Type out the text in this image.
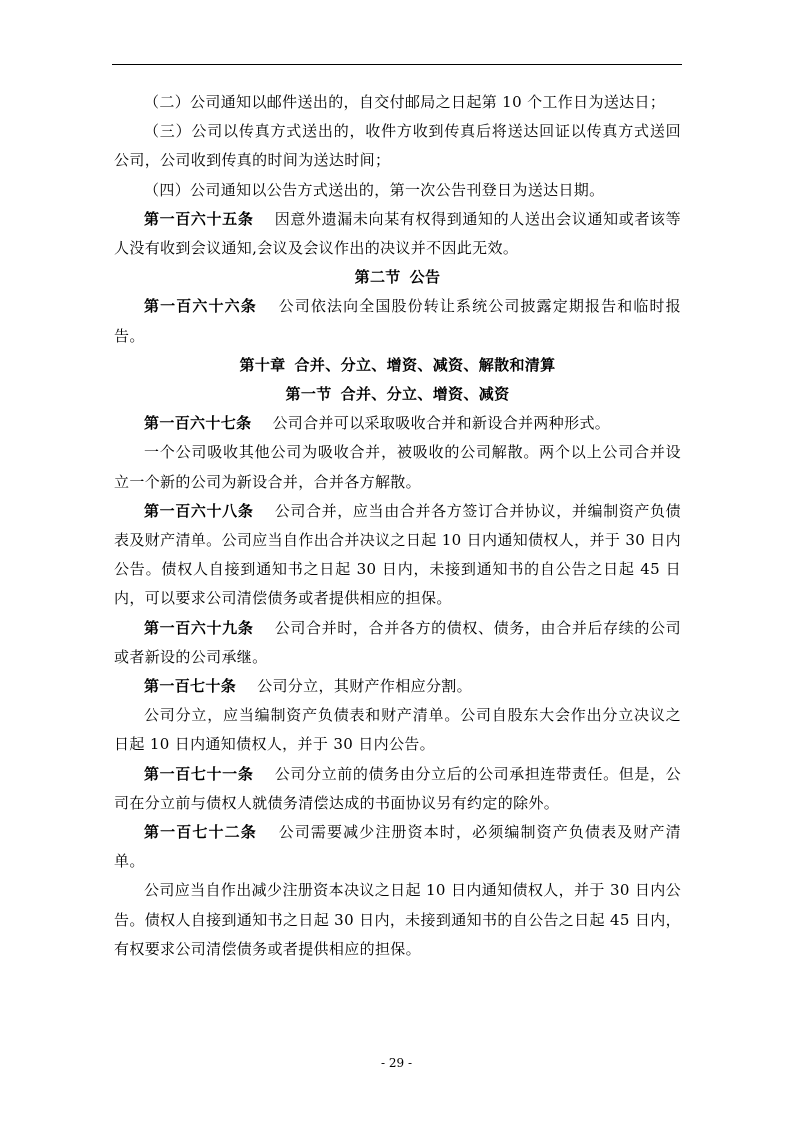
（二）公司通知以邮件送出的，自交付邮局之日起第 10 个工作日为送达日；

（三）公司以传真方式送出的，收件方收到传真后将送达回证以传真方式送回公司，公司收到传真的时间为送达时间；

（四）公司通知以公告方式送出的，第一次公告刊登日为送达日期。

第一百六十五条 因意外遗漏未向某有权得到通知的人送出会议通知或者该等人没有收到会议通知,会议及会议作出的决议并不因此无效。

第二节 公告

第一百六十六条 公司依法向全国股份转让系统公司披露定期报告和临时报告。

第十章 合并、分立、增资、减资、解散和清算

第一节 合并、分立、增资、减资

第一百六十七条 公司合并可以采取吸收合并和新设合并两种形式。

一个公司吸收其他公司为吸收合并，被吸收的公司解散。两个以上公司合并设立一个新的公司为新设合并，合并各方解散。

第一百六十八条 公司合并，应当由合并各方签订合并协议，并编制资产负债表及财产清单。公司应当自作出合并决议之日起 10 日内通知债权人，并于 30 日内公告。债权人自接到通知书之日起 30 日内，未接到通知书的自公告之日起 45 日内，可以要求公司清偿债务或者提供相应的担保。

第一百六十九条 公司合并时，合并各方的债权、债务，由合并后存续的公司或者新设的公司承继。

第一百七十条 公司分立，其财产作相应分割。

公司分立，应当编制资产负债表和财产清单。公司自股东大会作出分立决议之日起 10 日内通知债权人，并于 30 日内公告。

第一百七十一条 公司分立前的债务由分立后的公司承担连带责任。但是，公司在分立前与债权人就债务清偿达成的书面协议另有约定的除外。

第一百七十二条 公司需要减少注册资本时，必须编制资产负债表及财产清单。

公司应当自作出减少注册资本决议之日起 10 日内通知债权人，并于 30 日内公告。债权人自接到通知书之日起 30 日内，未接到通知书的自公告之日起 45 日内，有权要求公司清偿债务或者提供相应的担保。

- 29 -
